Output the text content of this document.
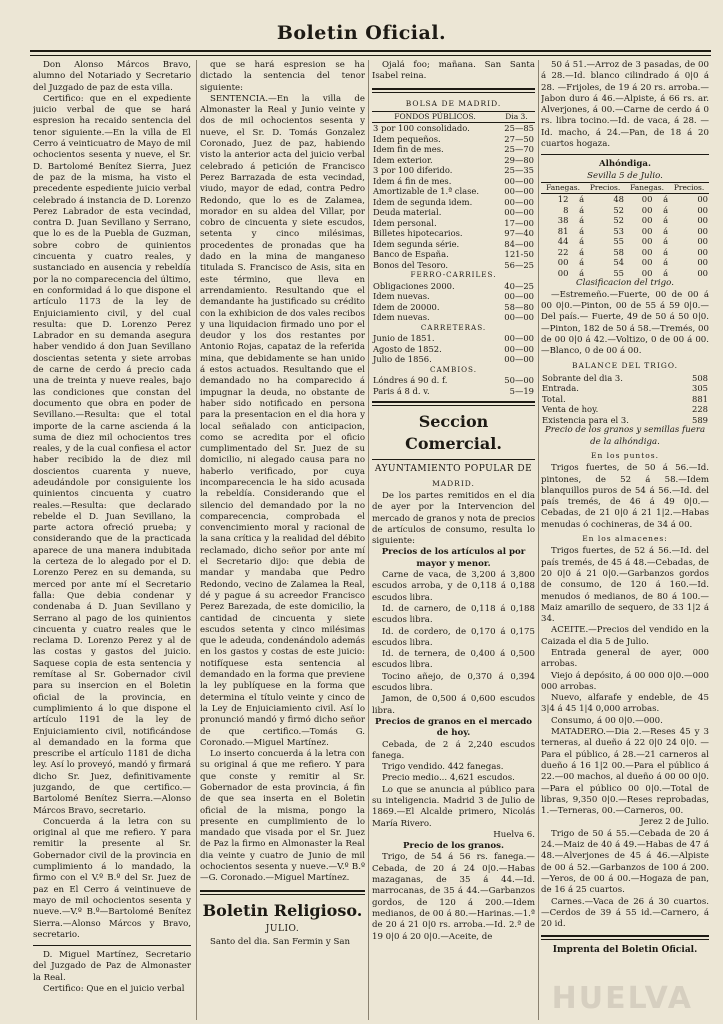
Boletin Oficial.

Don Alonso Márcos Bravo, alumno del Notariado y Secretario del Juzgado de paz de esta villa.

Certifico: que en el expediente juicio verbal de que se hará espresion ha recaido sentencia del tenor siguiente.—En la villa de El Cerro á veinticuatro de Mayo de mil ochocientos sesenta y nueve, el Sr. D. Bartolomé Benítez Sierra, Juez de paz de la misma, ha visto el precedente espediente juicio verbal celebrado á instancia de D. Lorenzo Perez Labrador de esta vecindad, contra D. Juan Sevillano y Serrano, que lo es de la Puebla de Guzman, sobre cobro de quinientos cincuenta y cuatro reales, y sustanciado en ausencia y rebeldía por la no comparecencia del último, en conformidad á lo que dispone el artículo 1173 de la ley de Enjuiciamiento civil, y del cual resulta: que D. Lorenzo Perez Labrador en su demanda asegura haber vendido á don Juan Sevillano doscientas setenta y siete arrobas de carne de cerdo á precio cada una de treinta y nueve reales, bajo las condiciones que constan del documento que obra en poder de Sevillano.—Resulta: que el total importe de la carne ascienda á la suma de diez mil ochocientos tres reales, y de la cual confiesa el actor haber recibido la de diez mil doscientos cuarenta y nueve, adeudándole por consiguiente los quinientos cincuenta y cuatro reales.—Resulta: que declarado rebelde el D. Juan Sevillano, la parte actora ofreció prueba; y considerando que de la practicada aparece de una manera indubitada la certeza de lo alegado por el D. Lorenzo Perez en su demanda, su merced por ante mí el Secretario falla: Que debia condenar y condenaba á D. Juan Sevillano y Serrano al pago de los quinientos cincuenta y cuatro reales que le reclama D. Lorenzo Perez y al de las costas y gastos del juicio. Saquese copia de esta sentencia y remítase al Sr. Gobernador civil para su insercion en el Boletin oficial de la provincia, en cumplimiento á lo que dispone el artículo 1191 de la ley de Enjuiciamiento civil, notificándose al demandado en la forma que prescribe el artículo 1181 de dicha ley. Así lo proveyó, mandó y firmará dicho Sr. Juez, definitivamente juzgando, de que certifico.—Bartolomé Benítez Sierra.—Alonso Márcos Bravo, secretario.

Concuerda á la letra con su original al que me refiero. Y para remitir la presente al Sr. Gobernador civil de la provincia en cumplimiento á lo mandado, la firmo con el V.º B.º del Sr. Juez de paz en El Cerro á veintinueve de mayo de mil ochocientos sesenta y nueve.—V.º B.º—Bartolomé Benítez Sierra.—Alonso Márcos y Bravo, secretario.

D. Miguel Martínez, Secretario del Juzgado de Paz de Almonaster la Real.

Certifico: Que en el juicio verbal

que se hará espresion se ha dictado la sentencia del tenor siguiente:

SENTENCIA.—En la villa de Almonaster la Real y Junio veinte y dos de mil ochocientos sesenta y nueve, el Sr. D. Tomás Gonzalez Coronado, Juez de paz, habiendo visto la anterior acta del juicio verbal celebrado á petición de Francisco Perez Barrazada de esta vecindad, viudo, mayor de edad, contra Pedro Redondo, que lo es de Zalamea, morador en su aldea del Villar, por cobro de cincuenta y siete escudos, setenta y cinco milésimas, procedentes de pronadas que ha dado en la mina de manganeso titulada S. Francisco de Asis, sita en este término, que lleva en arrendamiento. Resultando que el demandante ha justificado su crédito con la exhibicion de dos vales recibos y una liquidacion firmado uno por el deudor y los dos restantes por Antonio Rojas, capataz de la referida mina, que debidamente se han unido á estos actuados. Resultando que el demandado no ha comparecido á impugnar la deuda, no obstante de haber sido notificado en persona para la presentacion en el dia hora y local señalado con anticipacion, como se acredita por el oficio cumplimentado del Sr. Juez de su domicilio, ni alegado causa para no haberlo verificado, por cuya incomparecencia le ha sido acusada la rebeldía. Considerando que el silencio del demandado por la no comparecencia, comprobada el convencimiento moral y racional de la sana crítica y la realidad del débito reclamado, dicho señor por ante mí el Secretario dijo: que debia de mandar y mandaba que Pedro Redondo, vecino de Zalamea la Real, dé y pague á su acreedor Francisco Perez Barezada, de este domicilio, la cantidad de cincuenta y siete escudos setenta y cinco milésimas que le adeuda, condenándolo además en los gastos y costas de este juicio: notifíquese esta sentencia al demandado en la forma que previene la ley publíquese en la forma que determina el título veinte y cinco de la Ley de Enjuiciamiento civil. Así lo pronunció mandó y firmó dicho señor de que certifico.—Tomás G. Coronado.—Miguel Martínez.

Lo inserto concuerda á la letra con su original á que me refiero. Y para que conste y remitir al Sr. Gobernador de esta provincia, á fin de que sea inserta en el Boletin oficial de la misma, pongo la presente en cumplimiento de lo mandado que visada por el Sr. Juez de Paz la firmo en Almonaster la Real dia veinte y cuatro de Junio de mil ochocientos sesenta y nueve.—V.º B.º—G. Coronado.—Miguel Martínez.

Boletin Religioso.
JULIO.

Santo del dia. San Fermin y San

Ojalá foo; mañana. San Santa Isabel reina.

BOLSA DE MADRID.
FONDOS PÚBLICOS.	Dia 3.
3 por 100 consolidado.	25—85
Idem pequeños.	27—50
Idem fin de mes.	25—70
Idem exterior.	29—80
3 por 100 diferido.	25—35
Idem á fin de mes.	00—00
Amortizable de 1.ª clase.	00—00
Idem de segunda idem.	00—00
Deuda material.	00—00
Idem personal.	17—00
Billetes hipotecarios.	97—40
Idem segunda série.	84—00
Banco de España.	121-50
Bonos del Tesoro.	56—25
FERRO-CARRILES.	
Obligaciones 2000.	40—25
Idem nuevas.	00—00
Idem de 20000.	58—80
Idem nuevas.	00—00
CARRETERAS.	
Junio de 1851.	00—00
Agosto de 1852.	00—00
Julio de 1856.	00—00
CAMBIOS.	
Lóndres á 90 d. f.	50—00
Paris á 8 d. v.	5—19
Seccion Comercial.
AYUNTAMIENTO POPULAR DE
MADRID.

De los partes remitidos en el dia de ayer por la Intervencion del mercado de granos y nota de precios de artículos de consumo, resulta lo siguiente:

Precios de los artículos al por mayor y menor.

Carne de vaca, de 3,200 á 3,800 escudos arroba, y de 0,118 á 0,188 escudos libra.

Id. de carnero, de 0,118 á 0,188 escudos libra.

Id. de cordero, de 0,170 á 0,175 escudos libra.

Id. de ternera, de 0,400 á 0,500 escudos libra.

Tocino añejo, de 0,370 á 0,394 escudos libra.

Jamon, de 0,500 á 0,600 escudos libra.

Precios de granos en el mercado de hoy.

Cebada, de 2 á 2,240 escudos fanega.

Trigo vendido. 442 fanegas.

Precio medio... 4,621 escudos.

Lo que se anuncia al público para su inteligencia. Madrid 3 de Julio de 1869.—El Alcalde primero, Nicolás María Rivero.

Huelva 6.

Precio de los granos.

Trigo, de 54 á 56 rs. fanega.—Cebada, de 20 á 24 0|0.—Habas mazaganas, de 35 á 44.—Id. marrocanas, de 35 á 44.—Garbanzos gordos, de 120 á 200.—Idem medianos, de 00 á 80.—Harinas.—1.ª de 20 á 21 0|0 rs. arroba.—Id. 2.ª de 19 0|0 á 20 0|0.—Aceite, de

50 á 51.—Arroz de 3 pasadas, de 00 á 28.—Id. blanco cilindrado á 0|0 á 28. —Frijoles, de 19 á 20 rs. arroba.— Jabon duro á 46.—Alpiste, á 66 rs. ar. Alverjones, á 00.—Carne de cerdo á 0 rs. libra tocino.—Id. de vaca, á 28. —Id. macho, á 24.—Pan, de 18 á 20 cuartos hogaza.

Alhóndiga.

Sevilla 5 de Julio.

Fanegas.		Precios.	Fanegas.		Precios.
12	á	48	00	á	00
8	á	52	00	á	00
38	á	52	00	á	00
81	á	53	00	á	00
44	á	55	00	á	00
22	á	58	00	á	00
00	á	54	00	á	00
00	á	55	00	á	00

Clasificacion del trigo.

—Estremeño.—Fuerte, 00 de 00 á 00 0|0.—Pinton, 00 de 55 á 59 0|0.—Del país.— Fuerte, 49 de 50 á 50 0|0.—Pinton, 182 de 50 á 58.—Tremés, 00 de 00 0|0 á 42.—Voltizo, 0 de 00 á 00.—Blanco, 0 de 00 á 00.

BALANCE DEL TRIGO.
Sobrante del dia 3.	508
Entrada.	305
Total.	881
Venta de hoy.	228
Existencia para el 3.	589

Precio de los granos y semillas fuera de la alhóndiga.

En los puntos.

Trigos fuertes, de 50 á 56.—Id. pintones, de 52 á 58.—Idem blanquillos puros de 54 á 56.—Id. del país tremés, de 46 á 49 0|0.—Cebadas, de 21 0|0 á 21 1|2.—Habas menudas ó cochineras, de 34 á 00.

En los almacenes:

Trigos fuertes, de 52 á 56.—Id. del país tremés, de 45 á 48.—Cebadas, de 20 0|0 á 21 0|0.—Garbanzos gordos de consumo, de 120 á 160.—Id. menudos ó medianos, de 80 á 100.—Maiz amarillo de sequero, de 33 1|2 á 34.

ACEITE.—Precios del vendido en la Caizada el dia 5 de Julio.

Entrada general de ayer, 000 arrobas.

Viejo á depósito, á 00 000 0|0.—000 000 arrobas.

Nuevo, alfarafe y endeble, de 45 3|4 á 45 1|4 0,000 arrobas.

Consumo, á 00 0|0.—000.

MATADERO.—Dia 2.—Reses 45 y 3 terneras, al dueño á 22 0|0 24 0|0. —Para el público, á 28.—21 carneros al dueño á 16 1|2 00.—Para el público á 22.—00 machos, al dueño á 00 00 0|0.—Para el público 00 0|0.—Total de libras, 9,350 0|0.—Reses reprobadas, 1.—Terneras, 00.—Carneros, 00.

Jerez 2 de Julio.

Trigo de 50 á 55.—Cebada de 20 á 24.—Maiz de 40 á 49.—Habas de 47 á 48.—Alverjones de 45 á 46.—Alpiste de 00 á 52.—Garbanzos de 100 á 200. —Yeros, de 00 á 00.—Hogaza de pan, de 16 á 25 cuartos.

Carnes.—Vaca de 26 á 30 cuartos. —Cerdos de 39 á 55 id.—Carnero, á 20 id.

Imprenta del Boletin Oficial.
HUELVA
